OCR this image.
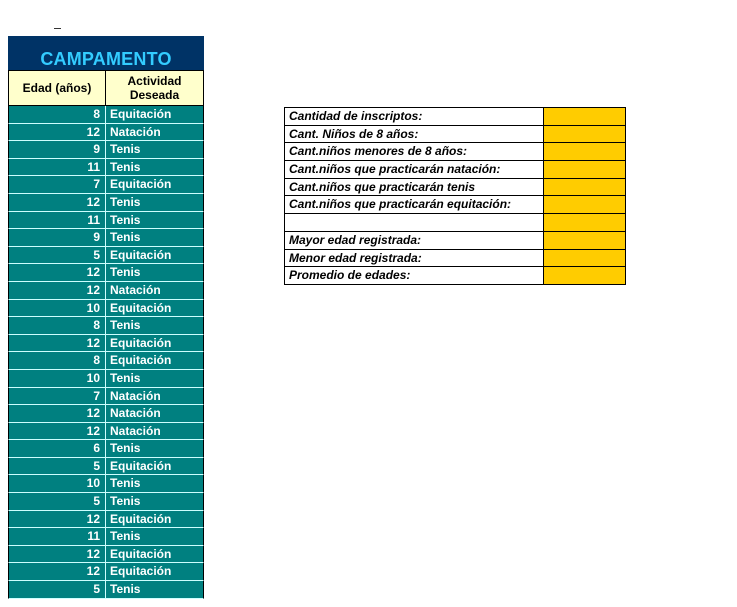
CAMPAMENTO
Edad (años)	Actividad Deseada
8 Equitación
12 Natación
9 Tenis
11 Tenis
7 Equitación
12 Tenis
11 Tenis
9 Tenis
5 Equitación
12 Tenis
12 Natación
10 Equitación
8 Tenis
12 Equitación
8 Equitación
10 Tenis
7 Natación
12 Natación
12 Natación
6 Tenis
5 Equitación
10 Tenis
5 Tenis
12 Equitación
11 Tenis
12 Equitación
12 Equitación
5 Tenis
Cantidad de inscriptos:
Cant. Niños de 8 años:
Cant.niños menores de 8 años:
Cant.niños que practicarán natación:
Cant.niños que practicarán tenis
Cant.niños que practicarán equitación:
Mayor edad registrada:
Menor edad registrada:
Promedio de edades:
